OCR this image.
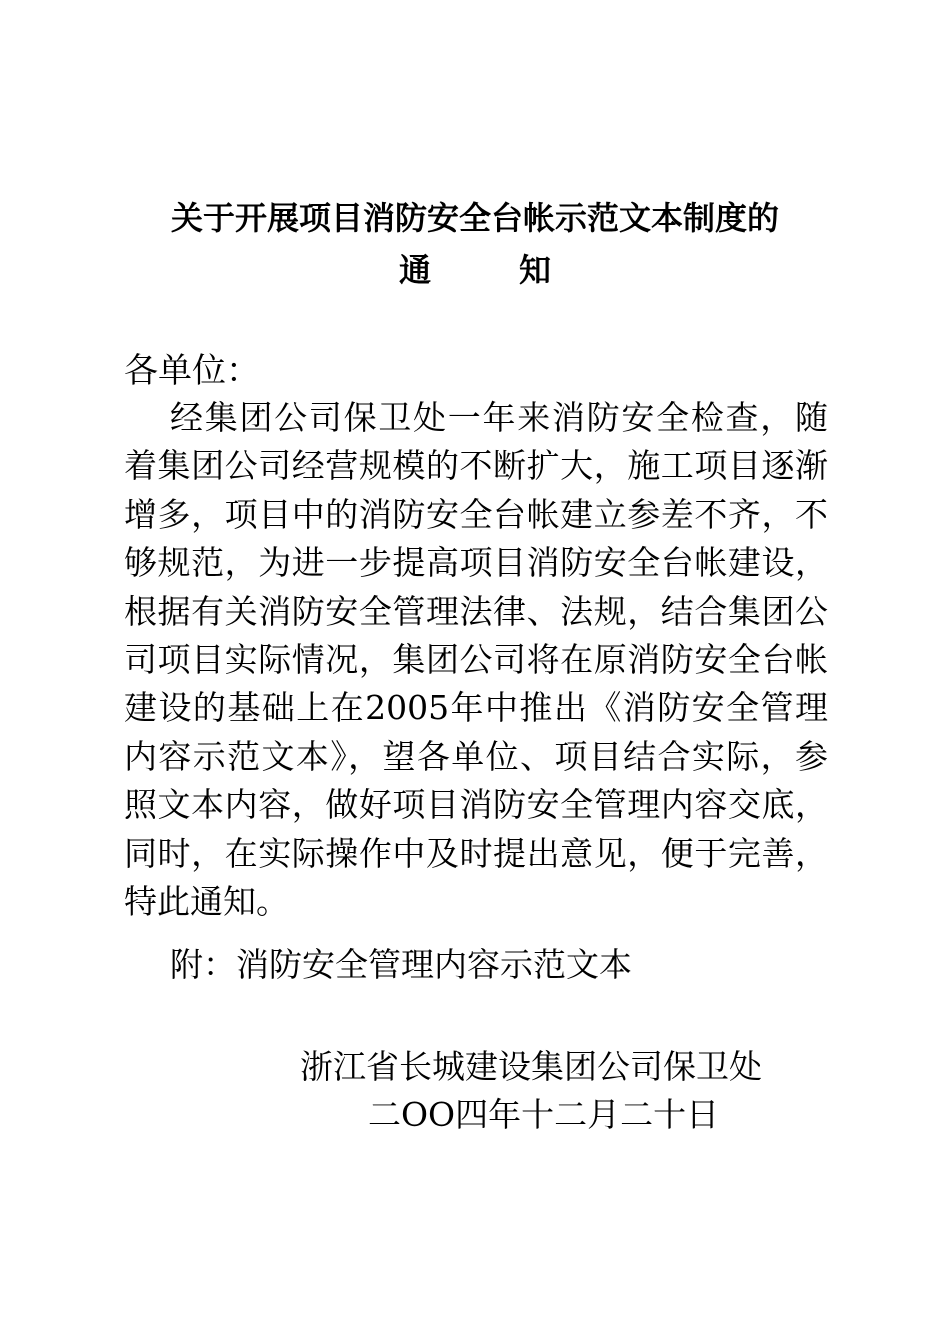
关于开展项目消防安全台帐示范文本制度的
通	知

各单位：

经集团公司保卫处一年来消防安全检查，随着集团公司经营规模的不断扩大，施工项目逐渐增多，项目中的消防安全台帐建立参差不齐，不够规范，为进一步提高项目消防安全台帐建设，根据有关消防安全管理法律、法规，结合集团公司项目实际情况，集团公司将在原消防安全台帐建设的基础上在2005年中推出《消防安全管理内容示范文本》，望各单位、项目结合实际，参照文本内容，做好项目消防安全管理内容交底，同时，在实际操作中及时提出意见，便于完善，特此通知。

附：消防安全管理内容示范文本

浙江省长城建设集团公司保卫处

二OO四年十二月二十日
